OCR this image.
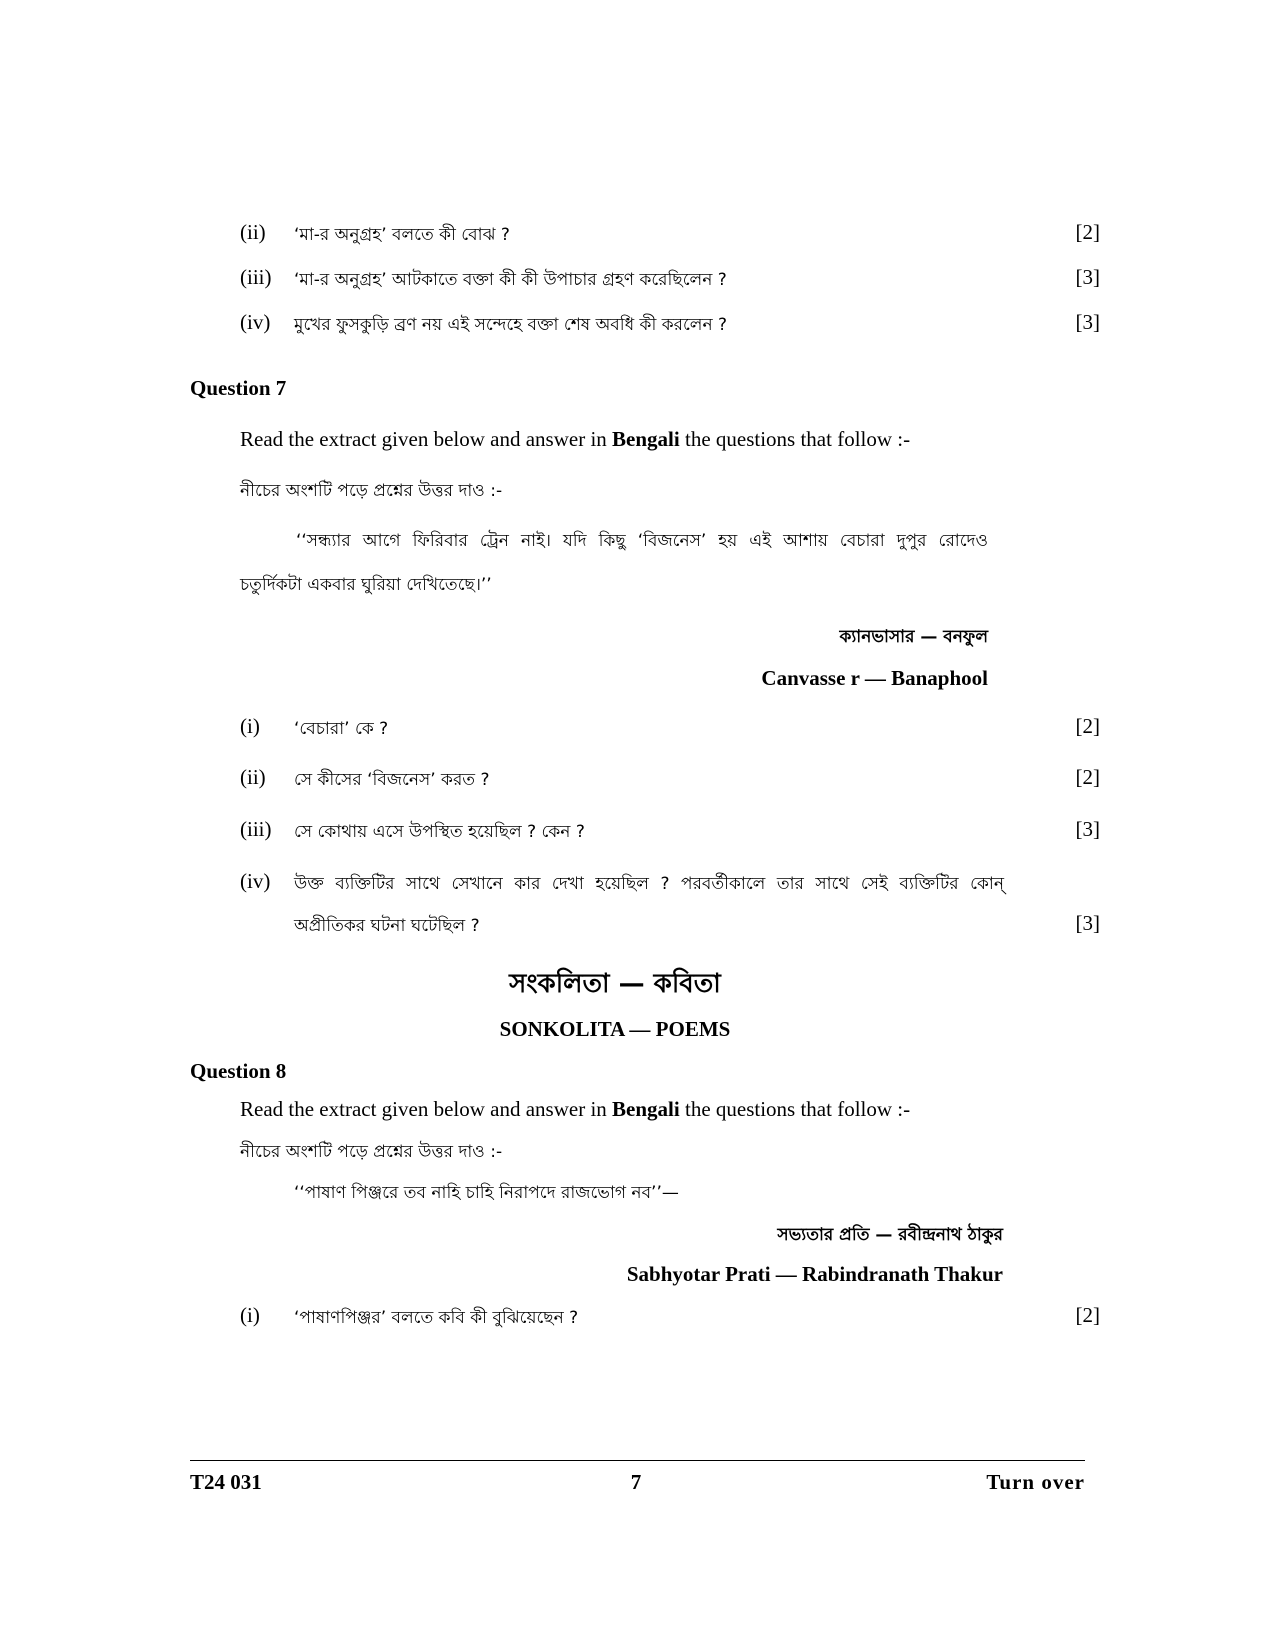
(ii) ‘মা-র অনুগ্রহ’ বলতে কী বোঝ ?	[2]
(iii) ‘মা-র অনুগ্রহ’ আটকাতে বক্তা কী কী উপাচার গ্রহণ করেছিলেন ?	[3]
(iv) মুখের ফুসকুড়ি ব্রণ নয় এই সন্দেহে বক্তা শেষ অবধি কী করলেন ?	[3]
Question 7
Read the extract given below and answer in Bengali the questions that follow :-
নীচের অংশটি পড়ে প্রশ্নের উত্তর দাও :-
‘‘সন্ধ্যার আগে ফিরিবার ট্রেন নাই। যদি কিছু ‘বিজনেস’ হয় এই আশায় বেচারা দুপুর রোদেও
চতুর্দিকটা একবার ঘুরিয়া দেখিতেছে।’’
ক্যানভাসার — বনফুল
Canvasse r — Banaphool
(i) ‘বেচারা’ কে ?	[2]
(ii) সে কীসের ‘বিজনেস’ করত ?	[2]
(iii) সে কোথায় এসে উপস্থিত হয়েছিল ? কেন ?	[3]
(iv) উক্ত ব্যক্তিটির সাথে সেখানে কার দেখা হয়েছিল ? পরবর্তীকালে তার সাথে সেই ব্যক্তিটির কোন্
অপ্রীতিকর ঘটনা ঘটেছিল ?	[3]
সংকলিতা — কবিতা
SONKOLITA — POEMS
Question 8
Read the extract given below and answer in Bengali the questions that follow :-
নীচের অংশটি পড়ে প্রশ্নের উত্তর দাও :-
‘‘পাষাণ পিঞ্জরে তব নাহি চাহি নিরাপদে রাজভোগ নব’’—
সভ্যতার প্রতি — রবীন্দ্রনাথ ঠাকুর
Sabhyotar Prati — Rabindranath Thakur
(i) ‘পাষাণপিঞ্জর’ বলতে কবি কী বুঝিয়েছেন ?	[2]
T24 031	7	Turn over
